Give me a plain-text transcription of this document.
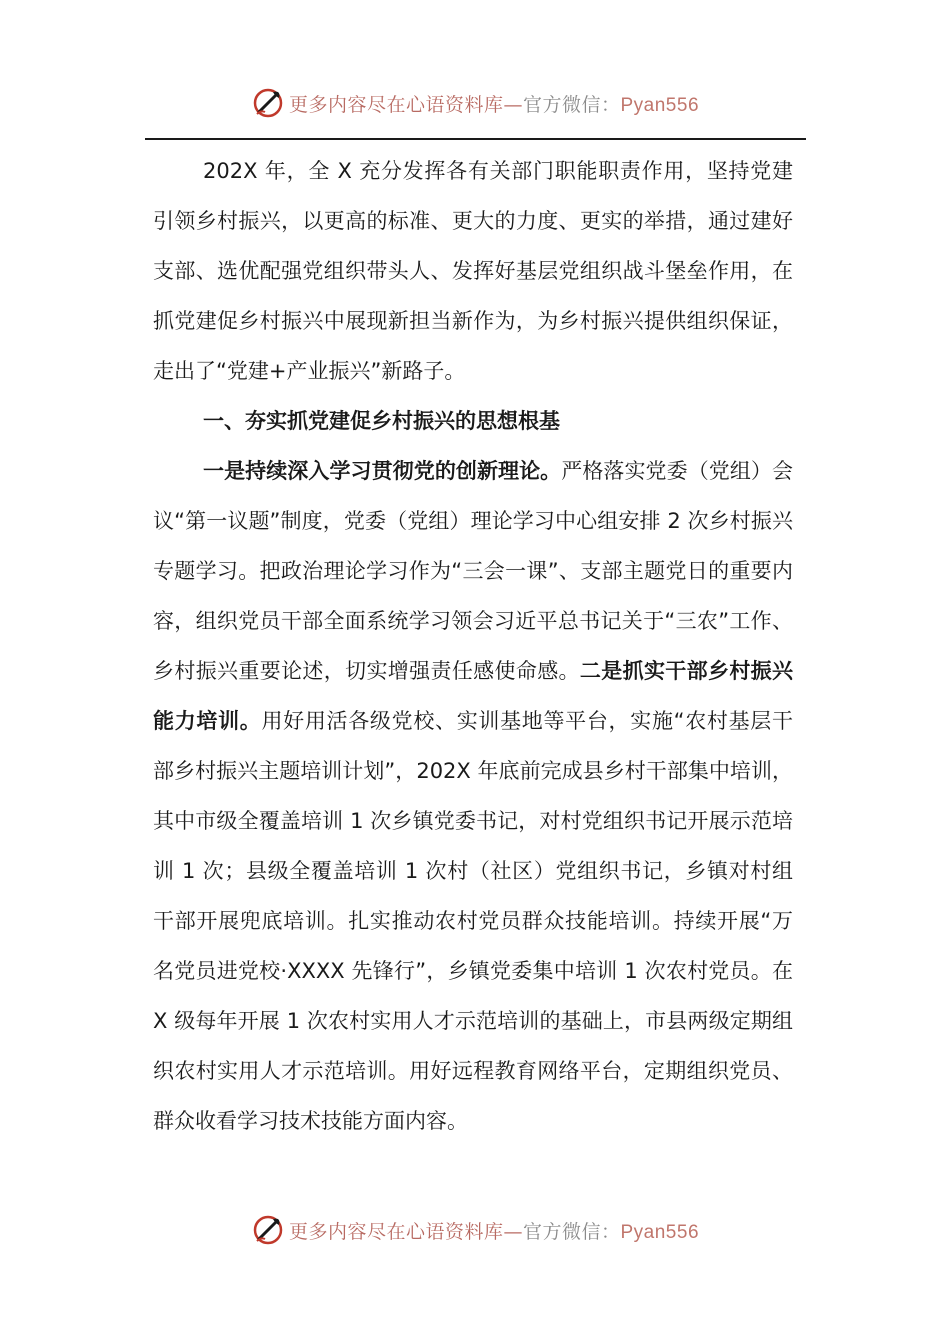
更多内容尽在心语资料库—官方微信：Pyan556

202X 年，全 X 充分发挥各有关部门职能职责作用，坚持党建引领乡村振兴，以更高的标准、更大的力度、更实的举措，通过建好支部、选优配强党组织带头人、发挥好基层党组织战斗堡垒作用，在抓党建促乡村振兴中展现新担当新作为，为乡村振兴提供组织保证，走出了“党建+产业振兴”新路子。

一、夯实抓党建促乡村振兴的思想根基

一是持续深入学习贯彻党的创新理论。严格落实党委（党组）会议“第一议题”制度，党委（党组）理论学习中心组安排 2 次乡村振兴专题学习。把政治理论学习作为“三会一课”、支部主题党日的重要内容，组织党员干部全面系统学习领会习近平总书记关于“三农”工作、乡村振兴重要论述，切实增强责任感使命感。二是抓实干部乡村振兴能力培训。用好用活各级党校、实训基地等平台，实施“农村基层干部乡村振兴主题培训计划”，202X 年底前完成县乡村干部集中培训，其中市级全覆盖培训 1 次乡镇党委书记，对村党组织书记开展示范培训 1 次；县级全覆盖培训 1 次村（社区）党组织书记，乡镇对村组干部开展兜底培训。扎实推动农村党员群众技能培训。持续开展“万名党员进党校·XXXX 先锋行”，乡镇党委集中培训 1 次农村党员。在 X 级每年开展 1 次农村实用人才示范培训的基础上，市县两级定期组织农村实用人才示范培训。用好远程教育网络平台，定期组织党员、群众收看学习技术技能方面内容。

更多内容尽在心语资料库—官方微信：Pyan556
